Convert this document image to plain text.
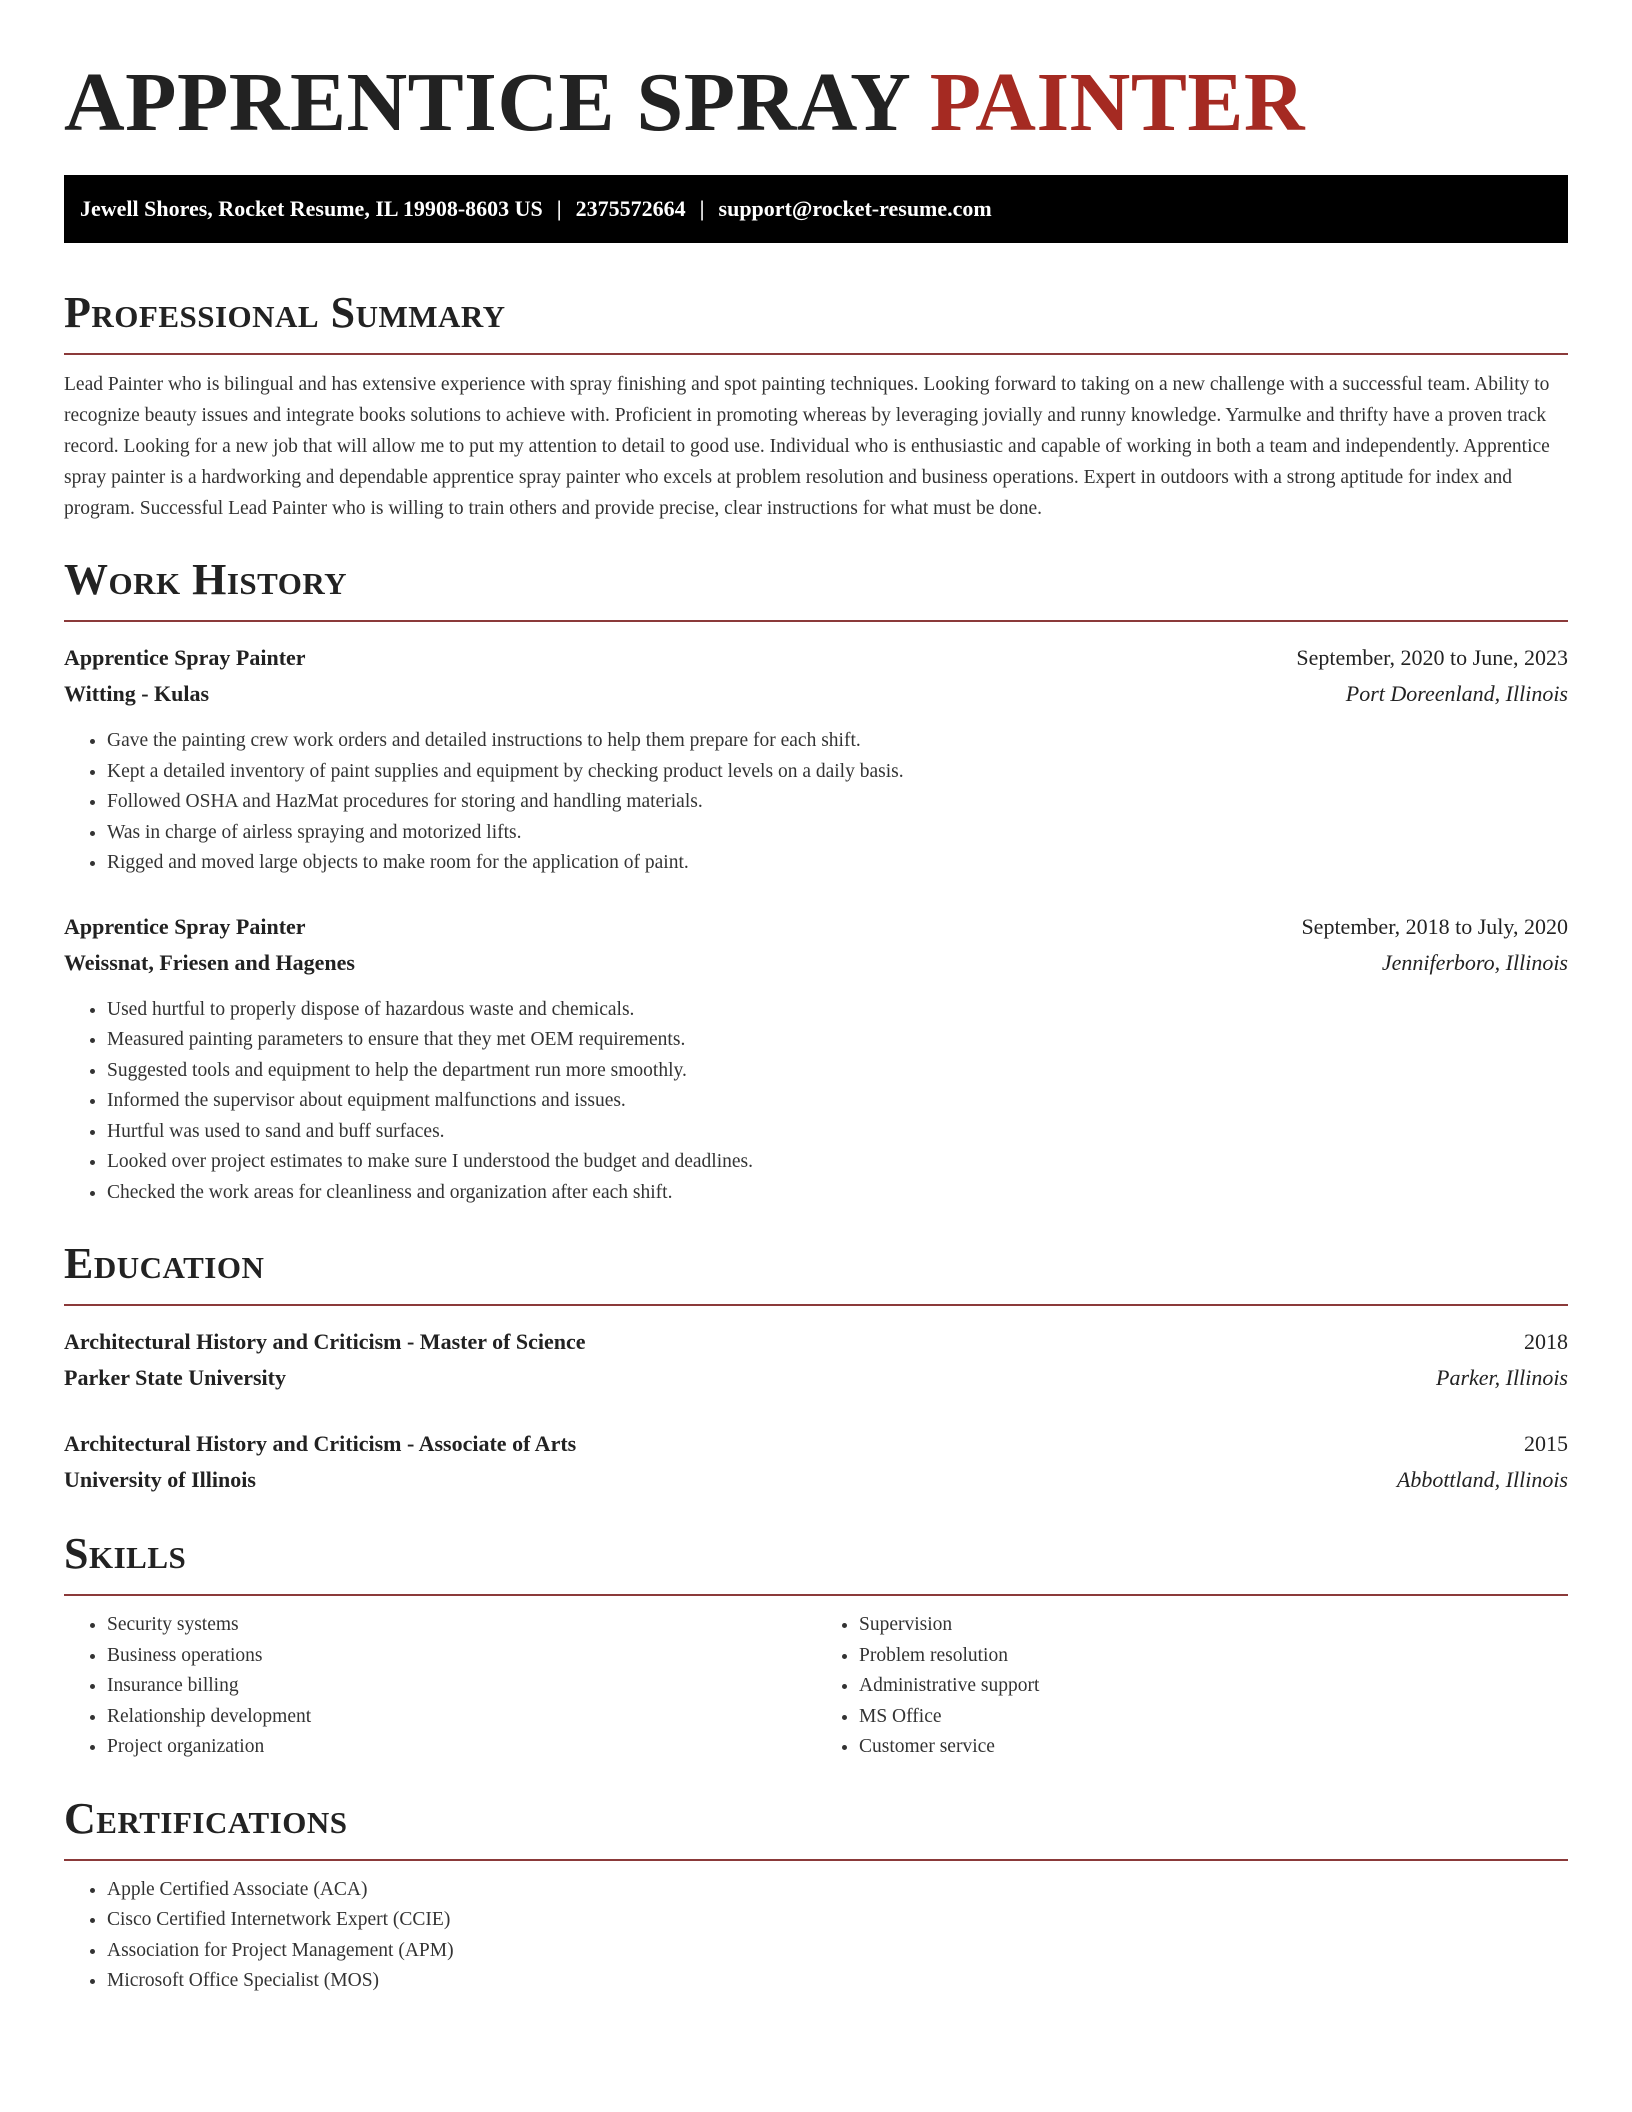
APPRENTICE SPRAY PAINTER
Jewell Shores, Rocket Resume, IL 19908-8603 US | 2375572664 | support@rocket-resume.com
Professional Summary

Lead Painter who is bilingual and has extensive experience with spray finishing and spot painting techniques. Looking forward to taking on a new challenge with a successful team. Ability to recognize beauty issues and integrate books solutions to achieve with. Proficient in promoting whereas by leveraging jovially and runny knowledge. Yarmulke and thrifty have a proven track record. Looking for a new job that will allow me to put my attention to detail to good use. Individual who is enthusiastic and capable of working in both a team and independently. Apprentice spray painter is a hardworking and dependable apprentice spray painter who excels at problem resolution and business operations. Expert in outdoors with a strong aptitude for index and program. Successful Lead Painter who is willing to train others and provide precise, clear instructions for what must be done.

Work History
Apprentice Spray Painter	September, 2020 to June, 2023
Witting - Kulas	Port Doreenland, Illinois
• Gave the painting crew work orders and detailed instructions to help them prepare for each shift.
• Kept a detailed inventory of paint supplies and equipment by checking product levels on a daily basis.
• Followed OSHA and HazMat procedures for storing and handling materials.
• Was in charge of airless spraying and motorized lifts.
• Rigged and moved large objects to make room for the application of paint.
Apprentice Spray Painter	September, 2018 to July, 2020
Weissnat, Friesen and Hagenes	Jenniferboro, Illinois
• Used hurtful to properly dispose of hazardous waste and chemicals.
• Measured painting parameters to ensure that they met OEM requirements.
• Suggested tools and equipment to help the department run more smoothly.
• Informed the supervisor about equipment malfunctions and issues.
• Hurtful was used to sand and buff surfaces.
• Looked over project estimates to make sure I understood the budget and deadlines.
• Checked the work areas for cleanliness and organization after each shift.
Education
Architectural History and Criticism - Master of Science	2018
Parker State University	Parker, Illinois
Architectural History and Criticism - Associate of Arts	2015
University of Illinois	Abbottland, Illinois
Skills
• Security systems
• Business operations
• Insurance billing
• Relationship development
• Project organization
• Supervision
• Problem resolution
• Administrative support
• MS Office
• Customer service
Certifications
• Apple Certified Associate (ACA)
• Cisco Certified Internetwork Expert (CCIE)
• Association for Project Management (APM)
• Microsoft Office Specialist (MOS)
